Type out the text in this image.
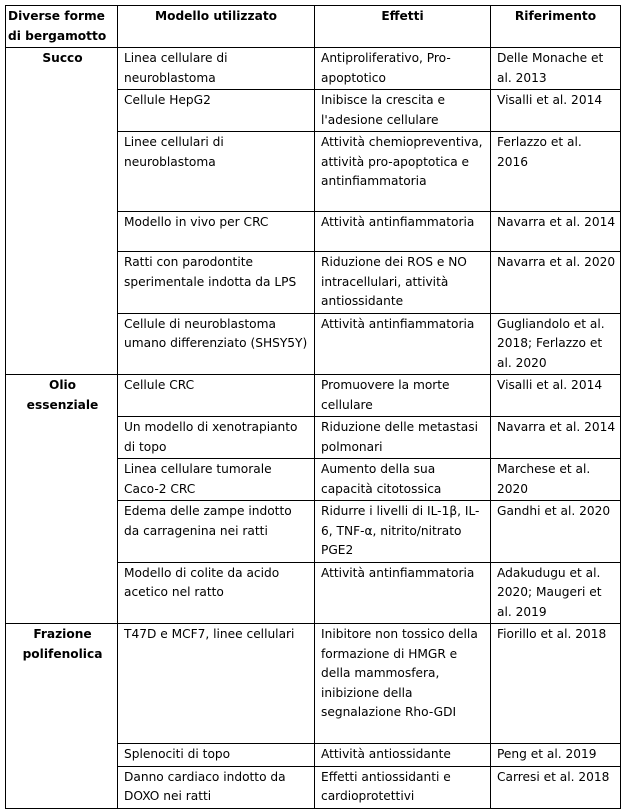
Diverse forme di bergamotto	Modello utilizzato	Effetti	Riferimento
Succo	Linea cellulare di neuroblastoma	Antiproliferativo, Pro-apoptotico	Delle Monache et al. 2013
	Cellule HepG2	Inibisce la crescita e l'adesione cellulare	Visalli et al. 2014
	Linee cellulari di neuroblastoma	Attività chemiopreventiva, attività pro-apoptotica e antinfiammatoria	Ferlazzo et al. 2016
	Modello in vivo per CRC	Attività antinfiammatoria	Navarra et al. 2014
	Ratti con parodontite sperimentale indotta da LPS	Riduzione dei ROS e NO intracellulari, attività antiossidante	Navarra et al. 2020
	Cellule di neuroblastoma umano differenziato (SHSY5Y)	Attività antinfiammatoria	Gugliandolo et al. 2018; Ferlazzo et al. 2020
Olio essenziale	Cellule CRC	Promuovere la morte cellulare	Visalli et al. 2014
	Un modello di xenotrapianto di topo	Riduzione delle metastasi polmonari	Navarra et al. 2014
	Linea cellulare tumorale Caco-2 CRC	Aumento della sua capacità citotossica	Marchese et al. 2020
	Edema delle zampe indotto da carragenina nei ratti	Ridurre i livelli di IL-1β, IL-6, TNF-α, nitrito/nitrato PGE2	Gandhi et al. 2020
	Modello di colite da acido acetico nel ratto	Attività antinfiammatoria	Adakudugu et al. 2020; Maugeri et al. 2019
Frazione polifenolica	T47D e MCF7, linee cellulari	Inibitore non tossico della formazione di HMGR e della mammosfera, inibizione della segnalazione Rho-GDI	Fiorillo et al. 2018
	Splenociti di topo	Attività antiossidante	Peng et al. 2019
	Danno cardiaco indotto da DOXO nei ratti	Effetti antiossidanti e cardioprotettivi	Carresi et al. 2018
